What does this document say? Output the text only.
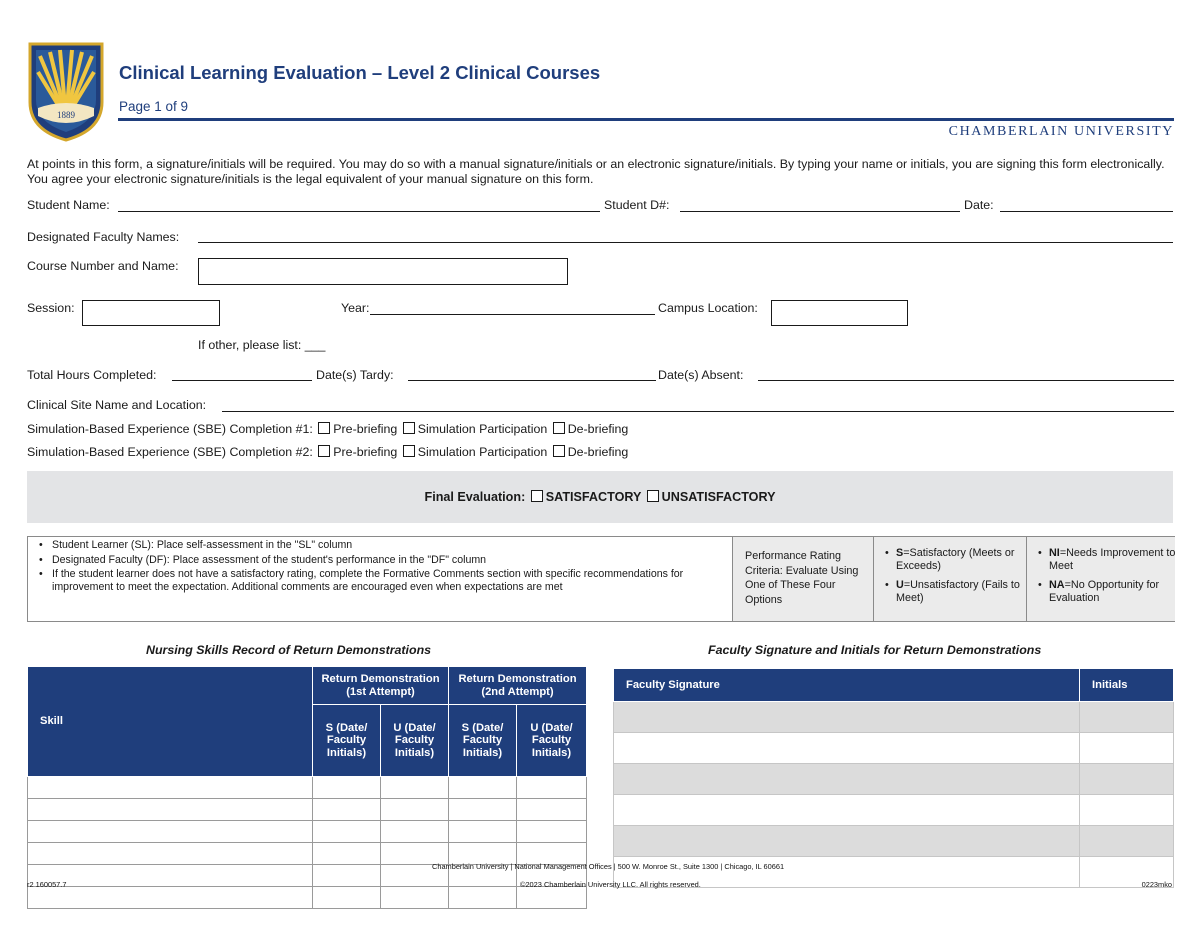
1889
Clinical Learning Evaluation – Level 2 Clinical Courses
Page 1 of 9
CHAMBERLAIN UNIVERSITY
At points in this form, a signature/initials will be required. You may do so with a manual signature/initials or an electronic signature/initials. By typing your name or initials, you are signing this form electronically. You agree your electronic signature/initials is the legal equivalent of your manual signature on this form.
Student Name:	Student D#:	Date:
Designated Faculty Names:
Course Number and Name:
Session:	Year:	Campus Location:
If other, please list: ___
Total Hours Completed:	Date(s) Tardy:	Date(s) Absent:
Clinical Site Name and Location:
Simulation-Based Experience (SBE) Completion #1: Pre-briefing Simulation Participation De-briefing
Simulation-Based Experience (SBE) Completion #2: Pre-briefing Simulation Participation De-briefing
Final Evaluation: SATISFACTORY UNSATISFACTORY
• Student Learner (SL): Place self-assessment in the "SL" column
• Designated Faculty (DF): Place assessment of the student's performance in the "DF" column
• If the student learner does not have a satisfactory rating, complete the Formative Comments section with specific recommendations for improvement to meet the expectation. Additional comments are encouraged even when expectations are met
Performance Rating Criteria: Evaluate Using One of These Four Options
• S=Satisfactory (Meets or Exceeds)
• U=Unsatisfactory (Fails to Meet)
• NI=Needs Improvement to Meet
• NA=No Opportunity for Evaluation
Nursing Skills Record of Return Demonstrations	Faculty Signature and Initials for Return Demonstrations
Skill	Return Demonstration (1st Attempt)		Return Demonstration (2nd Attempt)	
	S (Date/ Faculty Initials)	U (Date/ Faculty Initials)	S (Date/ Faculty Initials)	U (Date/ Faculty Initials)

Faculty Signature	Initials

Chamberlain University | National Management Offices | 500 W. Monroe St., Suite 1300 | Chicago, IL 60661
r2 160057.7	©2023 Chamberlain University LLC. All rights reserved.	0223mko
